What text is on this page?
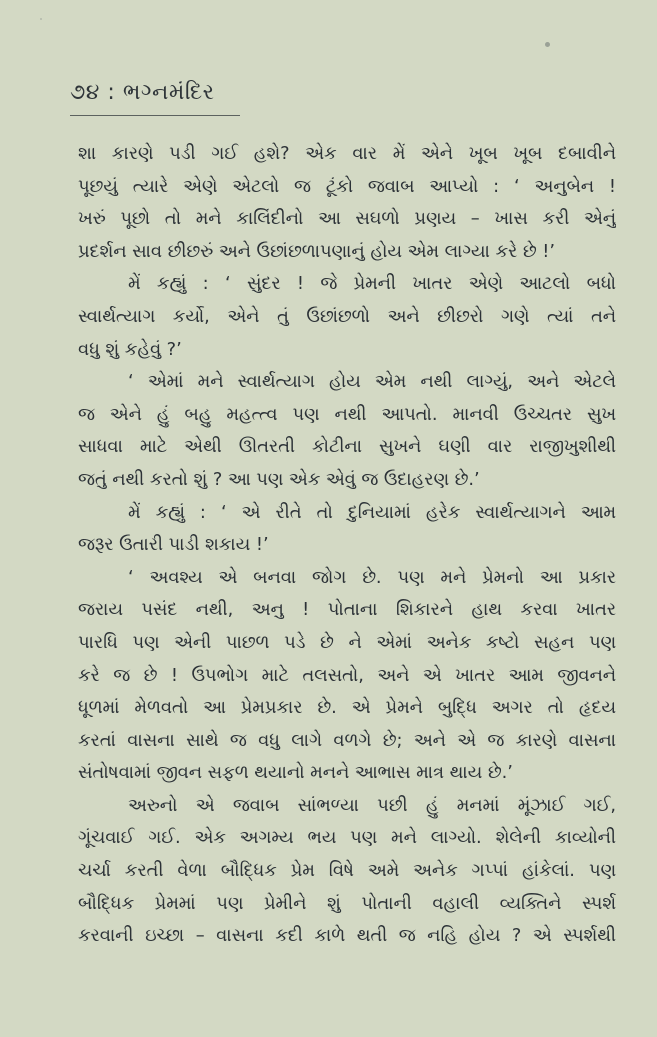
૭૪ : ભગ્નમંદિર
શા કારણે પડી ગઈ હશે? એક વાર મેં એને ખૂબ ખૂબ દબાવીને
પૂછયું ત્યારે એણે એટલો જ ટૂંકો જવાબ આપ્યો : ‘ અનુબેન !
ખરું પૂછો તો મને કાલિંદીનો આ સઘળો પ્રણય – ખાસ કરી એનું
પ્રદર્શન સાવ છીછરું અને ઉછાંછળાપણાનું હોય એમ લાગ્યા કરે છે !’
મેં કહ્યું : ‘ સુંદર ! જે પ્રેમની ખાતર એણે આટલો બધો
સ્વાર્થત્યાગ કર્યો, એને તું ઉછાંછળો અને છીછરો ગણે ત્યાં તને
વધુ શું કહેવું ?’
‘ એમાં મને સ્વાર્થત્યાગ હોય એમ નથી લાગ્યું, અને એટલે
જ એને હું બહુ મહત્ત્વ પણ નથી આપતો. માનવી ઉચ્ચતર સુખ
સાધવા માટે એથી ઊતરતી કોટીના સુખને ઘણી વાર રાજીખુશીથી
જતું નથી કરતો શું ? આ પણ એક એવું જ ઉદાહરણ છે.’
મેં કહ્યું : ‘ એ રીતે તો દુનિયામાં હરેક સ્વાર્થત્યાગને આમ
જરૂર ઉતારી પાડી શકાય !’
‘ અવશ્ય એ બનવા જોગ છે. પણ મને પ્રેમનો આ પ્રકાર
જરાય પસંદ નથી, અનુ ! પોતાના શિકારને હાથ કરવા ખાતર
પારધિ પણ એની પાછળ પડે છે ને એમાં અનેક કષ્ટો સહન પણ
કરે જ છે ! ઉપભોગ માટે તલસતો, અને એ ખાતર આમ જીવનને
ધૂળમાં મેળવતો આ પ્રેમપ્રકાર છે. એ પ્રેમને બુદ્ધિ અગર તો હૃદય
કરતાં વાસના સાથે જ વધુ લાગે વળગે છે; અને એ જ કારણે વાસના
સંતોષવામાં જીવન સફળ થયાનો મનને આભાસ માત્ર થાય છે.’
અરુનો એ જવાબ સાંભળ્યા પછી હું મનમાં મૂંઝાઈ ગઈ,
ગૂંચવાઈ ગઈ. એક અગમ્ય ભય પણ મને લાગ્યો. શેલેની કાવ્યોની
ચર્ચા કરતી વેળા બૌદ્ધિક પ્રેમ વિષે અમે અનેક ગપ્પાં હાંકેલાં. પણ
બૌદ્ધિક પ્રેમમાં પણ પ્રેમીને શું પોતાની વહાલી વ્યક્તિને સ્પર્શ
કરવાની ઇચ્છા – વાસના કદી કાળે થતી જ નહિ હોય ? એ સ્પર્શથી
